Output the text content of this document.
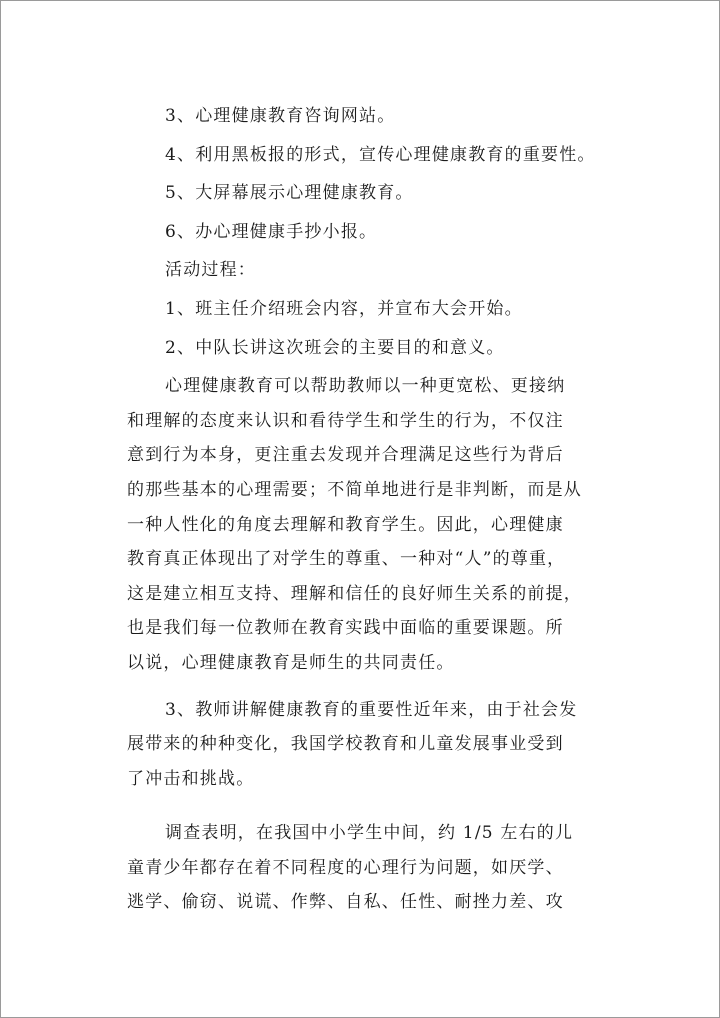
3、心理健康教育咨询网站。
4、利用黑板报的形式，宣传心理健康教育的重要性。
5、大屏幕展示心理健康教育。
6、办心理健康手抄小报。
活动过程：
1、班主任介绍班会内容，并宣布大会开始。
2、中队长讲这次班会的主要目的和意义。
心理健康教育可以帮助教师以一种更宽松、更接纳
和理解的态度来认识和看待学生和学生的行为，不仅注
意到行为本身，更注重去发现并合理满足这些行为背后
的那些基本的心理需要；不简单地进行是非判断，而是从
一种人性化的角度去理解和教育学生。因此，心理健康
教育真正体现出了对学生的尊重、一种对“人”的尊重，
这是建立相互支持、理解和信任的良好师生关系的前提，
也是我们每一位教师在教育实践中面临的重要课题。所
以说，心理健康教育是师生的共同责任。
3、教师讲解健康教育的重要性近年来，由于社会发
展带来的种种变化，我国学校教育和儿童发展事业受到
了冲击和挑战。
调查表明，在我国中小学生中间，约 1/5 左右的儿
童青少年都存在着不同程度的心理行为问题，如厌学、
逃学、偷窃、说谎、作弊、自私、任性、耐挫力差、攻
